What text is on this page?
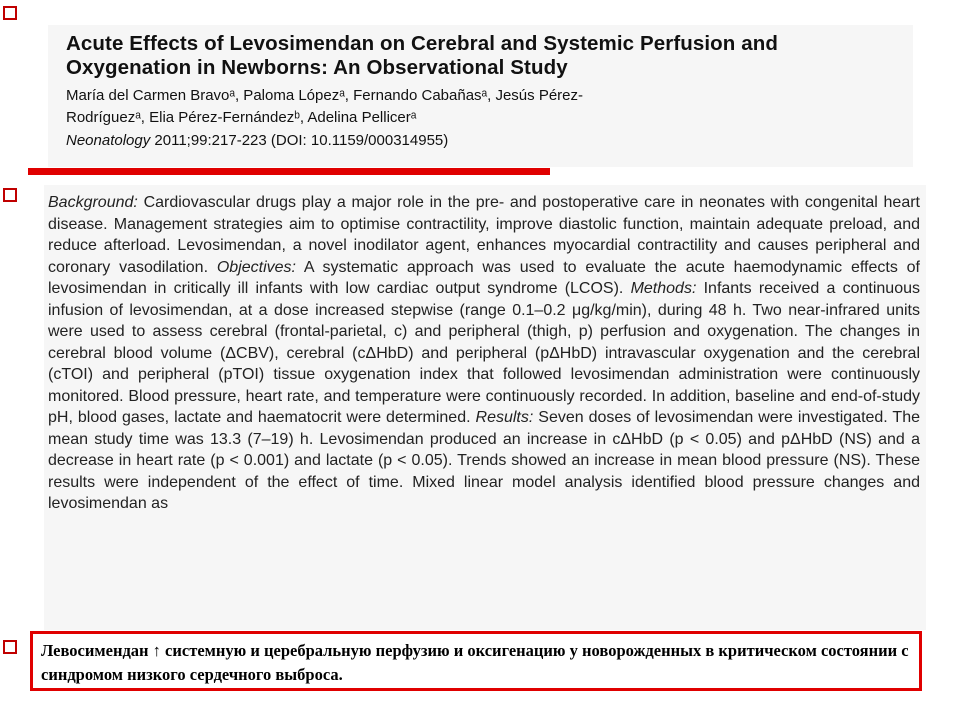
Acute Effects of Levosimendan on Cerebral and Systemic Perfusion and Oxygenation in Newborns: An Observational Study
María del Carmen Bravoᵃ, Paloma Lópezᵃ, Fernando Cabañasᵃ, Jesús Pérez-
Rodríguezᵃ, Elia Pérez-Fernándezᵇ, Adelina Pellicerᵃ
Neonatology 2011;99:217-223 (DOI: 10.1159/000314955)
Background: Cardiovascular drugs play a major role in the pre- and postoperative care in neonates with congenital heart disease. Management strategies aim to optimise contractility, improve diastolic function, maintain adequate preload, and reduce afterload. Levosimendan, a novel inodilator agent, enhances myocardial contractility and causes peripheral and coronary vasodilation. Objectives: A systematic approach was used to evaluate the acute haemodynamic effects of levosimendan in critically ill infants with low cardiac output syndrome (LCOS). Methods: Infants received a continuous infusion of levosimendan, at a dose increased stepwise (range 0.1–0.2 μg/kg/min), during 48 h. Two near-infrared units were used to assess cerebral (frontal-parietal, c) and peripheral (thigh, p) perfusion and oxygenation. The changes in cerebral blood volume (ΔCBV), cerebral (cΔHbD) and peripheral (pΔHbD) intravascular oxygenation and the cerebral (cTOI) and peripheral (pTOI) tissue oxygenation index that followed levosimendan administration were continuously monitored. Blood pressure, heart rate, and temperature were continuously recorded. In addition, baseline and end-of-study pH, blood gases, lactate and haematocrit were determined. Results: Seven doses of levosimendan were investigated. The mean study time was 13.3 (7–19) h. Levosimendan produced an increase in cΔHbD (p < 0.05) and pΔHbD (NS) and a decrease in heart rate (p < 0.001) and lactate (p < 0.05). Trends showed an increase in mean blood pressure (NS). These results were independent of the effect of time. Mixed linear model analysis identified blood pressure changes and levosimendan as
Левосимендан ↑ системную и церебральную перфузию и оксигенацию у новорожденных в критическом состоянии с синдромом низкого сердечного выброса.
